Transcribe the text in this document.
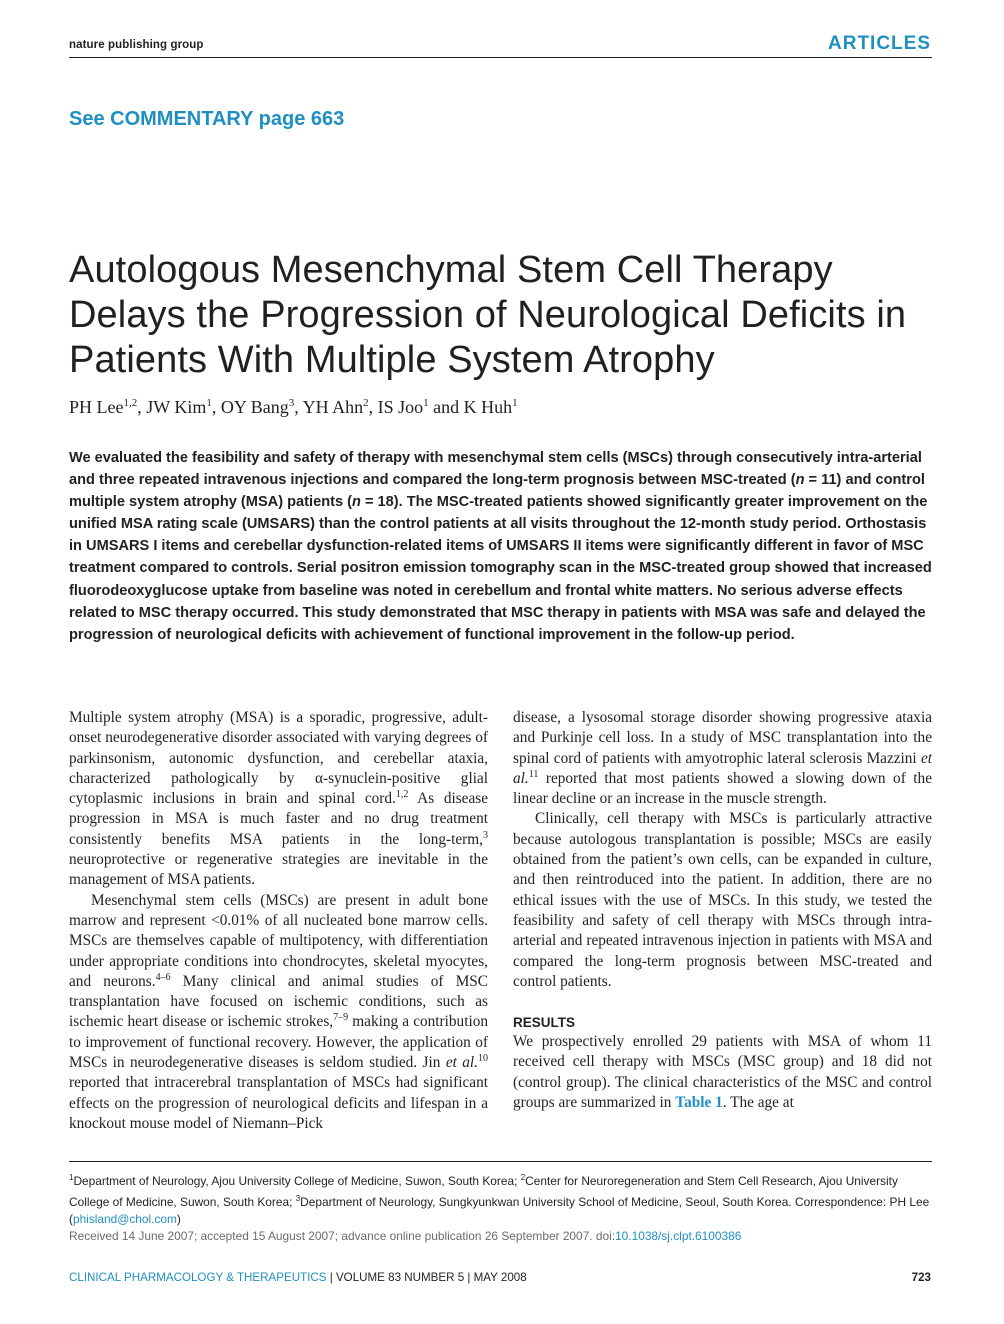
nature publishing group	ARTICLES
See COMMENTARY page 663
Autologous Mesenchymal Stem Cell Therapy Delays the Progression of Neurological Deficits in Patients With Multiple System Atrophy
PH Lee$^{1,2}$, JW Kim$^1$, OY Bang$^3$, YH Ahn$^2$, IS Joo$^1$ and K Huh$^1$
We evaluated the feasibility and safety of therapy with mesenchymal stem cells (MSCs) through consecutively intra-arterial and three repeated intravenous injections and compared the long-term prognosis between MSC-treated (n = 11) and control multiple system atrophy (MSA) patients (n = 18). The MSC-treated patients showed significantly greater improvement on the unified MSA rating scale (UMSARS) than the control patients at all visits throughout the 12-month study period. Orthostasis in UMSARS I items and cerebellar dysfunction-related items of UMSARS II items were significantly different in favor of MSC treatment compared to controls. Serial positron emission tomography scan in the MSC-treated group showed that increased fluorodeoxyglucose uptake from baseline was noted in cerebellum and frontal white matters. No serious adverse effects related to MSC therapy occurred. This study demonstrated that MSC therapy in patients with MSA was safe and delayed the progression of neurological deficits with achievement of functional improvement in the follow-up period.

Multiple system atrophy (MSA) is a sporadic, progressive, adult-onset neurodegenerative disorder associated with varying degrees of parkinsonism, autonomic dysfunction, and cerebellar ataxia, characterized pathologically by α-synuclein-positive glial cytoplasmic inclusions in brain and spinal cord.$^{1,2}$ As disease progression in MSA is much faster and no drug treatment consistently benefits MSA patients in the long-term,$^3$ neuroprotective or regenerative strategies are inevitable in the management of MSA patients.

Mesenchymal stem cells (MSCs) are present in adult bone marrow and represent <0.01% of all nucleated bone marrow cells. MSCs are themselves capable of multipotency, with differentiation under appropriate conditions into chondrocytes, skeletal myocytes, and neurons.$^{4-6}$ Many clinical and animal studies of MSC transplantation have focused on ischemic conditions, such as ischemic heart disease or ischemic strokes,$^{7-9}$ making a contribution to improvement of functional recovery. However, the application of MSCs in neurodegenerative diseases is seldom studied. Jin et al.$^{10}$ reported that intracerebral transplantation of MSCs had significant effects on the progression of neurological deficits and lifespan in a knockout mouse model of Niemann–Pick

disease, a lysosomal storage disorder showing progressive ataxia and Purkinje cell loss. In a study of MSC transplantation into the spinal cord of patients with amyotrophic lateral sclerosis Mazzini et al.$^{11}$ reported that most patients showed a slowing down of the linear decline or an increase in the muscle strength.

Clinically, cell therapy with MSCs is particularly attractive because autologous transplantation is possible; MSCs are easily obtained from the patient’s own cells, can be expanded in culture, and then reintroduced into the patient. In addition, there are no ethical issues with the use of MSCs. In this study, we tested the feasibility and safety of cell therapy with MSCs through intra-arterial and repeated intravenous injection in patients with MSA and compared the long-term prognosis between MSC-treated and control patients.

RESULTS

We prospectively enrolled 29 patients with MSA of whom 11 received cell therapy with MSCs (MSC group) and 18 did not (control group). The clinical characteristics of the MSC and control groups are summarized in Table 1. The age at

$^1$Department of Neurology, Ajou University College of Medicine, Suwon, South Korea; $^2$Center for Neuroregeneration and Stem Cell Research, Ajou University College of Medicine, Suwon, South Korea; $^3$Department of Neurology, Sungkyunkwan University School of Medicine, Seoul, South Korea. Correspondence: PH Lee (phisland@chol.com)
Received 14 June 2007; accepted 15 August 2007; advance online publication 26 September 2007. doi:10.1038/sj.clpt.6100386
CLINICAL PHARMACOLOGY & THERAPEUTICS | VOLUME 83 NUMBER 5 | MAY 2008	723
